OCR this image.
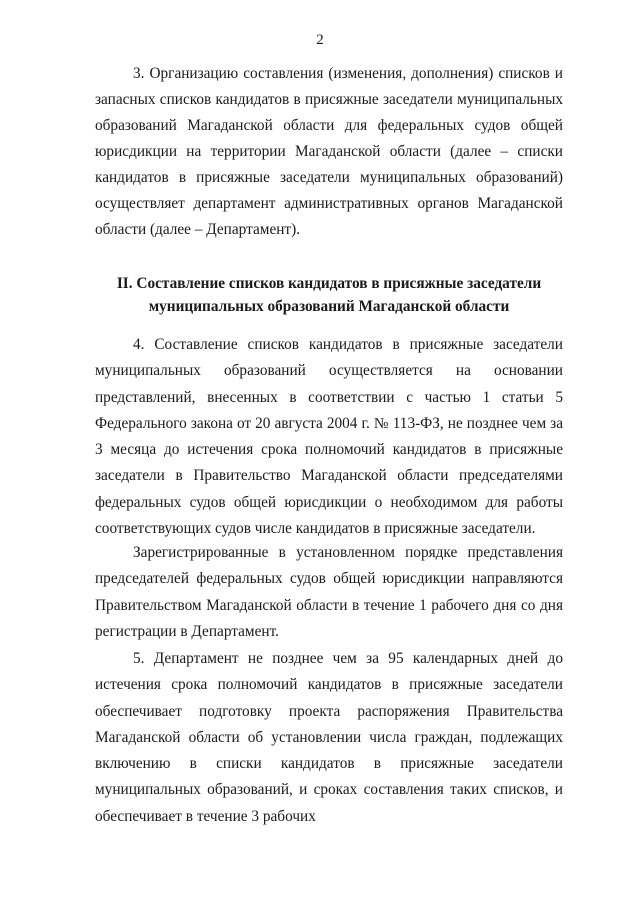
2

3. Организацию составления (изменения, дополнения) списков и запасных списков кандидатов в присяжные заседатели муниципальных образований Магаданской области для федеральных судов общей юрисдикции на территории Магаданской области (далее – списки кандидатов в присяжные заседатели муниципальных образований) осуществляет департамент административных органов Магаданской области (далее – Департамент).

II. Составление списков кандидатов в присяжные заседатели

муниципальных образований Магаданской области

4. Составление списков кандидатов в присяжные заседатели муниципальных образований осуществляется на основании представлений, внесенных в соответствии с частью 1 статьи 5 Федерального закона от 20 августа 2004 г. № 113-ФЗ, не позднее чем за 3 месяца до истечения срока полномочий кандидатов в присяжные заседатели в Правительство Магаданской области председателями федеральных судов общей юрисдикции о необходимом для работы соответствующих судов числе кандидатов в присяжные заседатели.

Зарегистрированные в установленном порядке представления председателей федеральных судов общей юрисдикции направляются Правительством Магаданской области в течение 1 рабочего дня со дня регистрации в Департамент.

5. Департамент не позднее чем за 95 календарных дней до истечения срока полномочий кандидатов в присяжные заседатели обеспечивает подготовку проекта распоряжения Правительства Магаданской области об установлении числа граждан, подлежащих включению в списки кандидатов в присяжные заседатели муниципальных образований, и сроках составления таких списков, и обеспечивает в течение 3 рабочих
